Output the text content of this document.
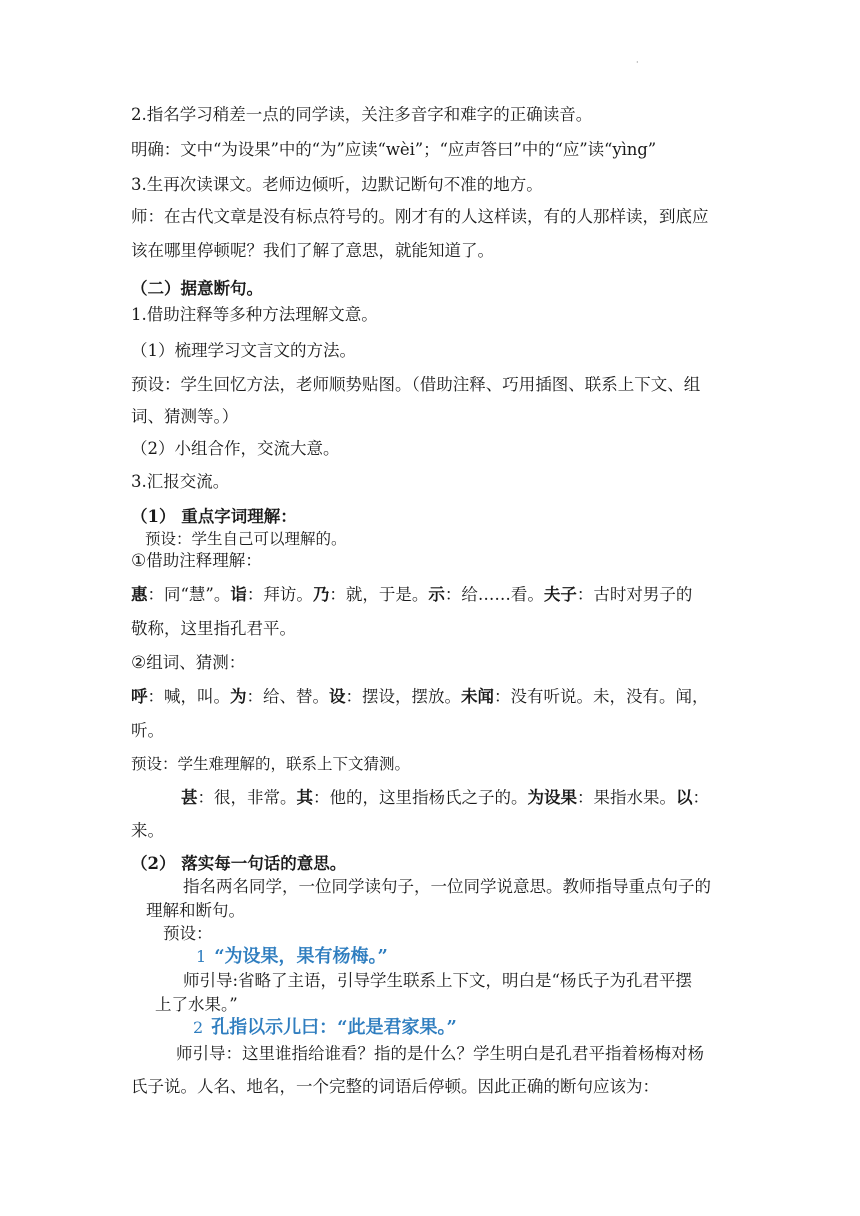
·
2.指名学习稍差一点的同学读，关注多音字和难字的正确读音。
明确：文中“为设果”中的“为”应读“wèi”；“应声答曰”中的“应”读“yìng”
3.生再次读课文。老师边倾听，边默记断句不准的地方。
师：在古代文章是没有标点符号的。刚才有的人这样读，有的人那样读，到底应
该在哪里停顿呢？我们了解了意思，就能知道了。
（二）据意断句。
1.借助注释等多种方法理解文意。
（1）梳理学习文言文的方法。
预设：学生回忆方法，老师顺势贴图。（借助注释、巧用插图、联系上下文、组
词、猜测等。）
（2）小组合作，交流大意。
3.汇报交流。
（1） 重点字词理解：
预设：学生自己可以理解的。
①借助注释理解：
惠：同“慧”。诣：拜访。乃：就，于是。示：给……看。夫子：古时对男子的
敬称，这里指孔君平。
②组词、猜测：
呼：喊，叫。为：给、替。设：摆设，摆放。未闻：没有听说。未，没有。闻，
听。
预设：学生难理解的，联系上下文猜测。
甚：很，非常。其：他的，这里指杨氏之子的。为设果：果指水果。以：
来。
（2） 落实每一句话的意思。
指名两名同学，一位同学读句子，一位同学说意思。教师指导重点句子的
理解和断句。
预设：
1 “为设果，果有杨梅。”
师引导:省略了主语，引导学生联系上下文，明白是“杨氏子为孔君平摆
上了水果。”
2 孔指以示儿曰：“此是君家果。”
师引导：这里谁指给谁看？指的是什么？学生明白是孔君平指着杨梅对杨
氏子说。人名、地名，一个完整的词语后停顿。因此正确的断句应该为：
